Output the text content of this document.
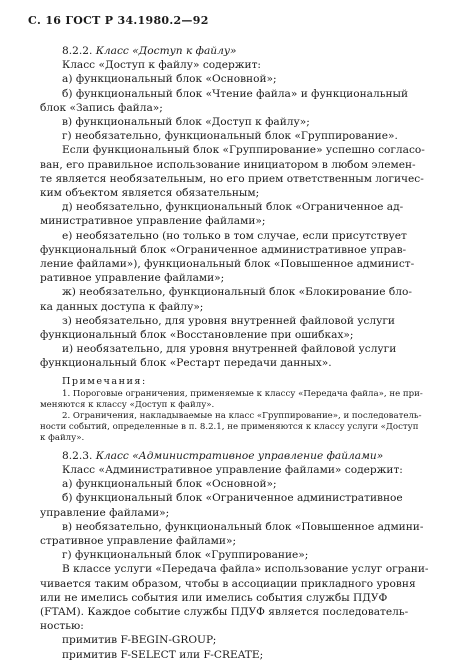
С. 16 ГОСТ Р 34.1980.2—92
8.2.2. Класс «Доступ к файлу»
Класс «Доступ к файлу» содержит:
а) функциональный блок «Основной»;
б) функциональный блок «Чтение файла» и функциональный
блок «Запись файла»;
в) функциональный блок «Доступ к файлу»;
г) необязательно, функциональный блок «Группирование».
Если функциональный блок «Группирование» успешно согласо-
ван, его правильное использование инициатором в любом элемен-
те является необязательным, но его прием ответственным логичес-
ким объектом является обязательным;
д) необязательно, функциональный блок «Ограниченное ад-
министративное управление файлами»;
е) необязательно (но только в том случае, если присутствует
функциональный блок «Ограниченное административное управ-
ление файлами»), функциональный блок «Повышенное админист-
ративное управление файлами»;
ж) необязательно, функциональный блок «Блокирование бло-
ка данных доступа к файлу»;
з) необязательно, для уровня внутренней файловой услуги
функциональный блок «Восстановление при ошибках»;
и) необязательно, для уровня внутренней файловой услуги
функциональный блок «Рестарт передачи данных».
Примечания:
1. Пороговые ограничения, применяемые к классу «Передача файла», не при-
меняются к классу «Доступ к файлу».
2. Ограничения, накладываемые на класс «Группирование», и последователь-
ности событий, определенные в п. 8.2.1, не применяются к классу услуги «Доступ
к файлу».
8.2.3. Класс «Административное управление файлами»
Класс «Административное управление файлами» содержит:
а) функциональный блок «Основной»;
б) функциональный блок «Ограниченное административное
управление файлами»;
в) необязательно, функциональный блок «Повышенное админи-
стративное управление файлами»;
г) функциональный блок «Группирование»;
В классе услуги «Передача файла» использование услуг ограни-
чивается таким образом, чтобы в ассоциации прикладного уровня
или не имелись события или имелись события службы ПДУФ
(FTAM). Каждое событие службы ПДУФ является последователь-
ностью:
примитив F-BEGIN-GROUP;
примитив F-SELECT или F-CREATE;
